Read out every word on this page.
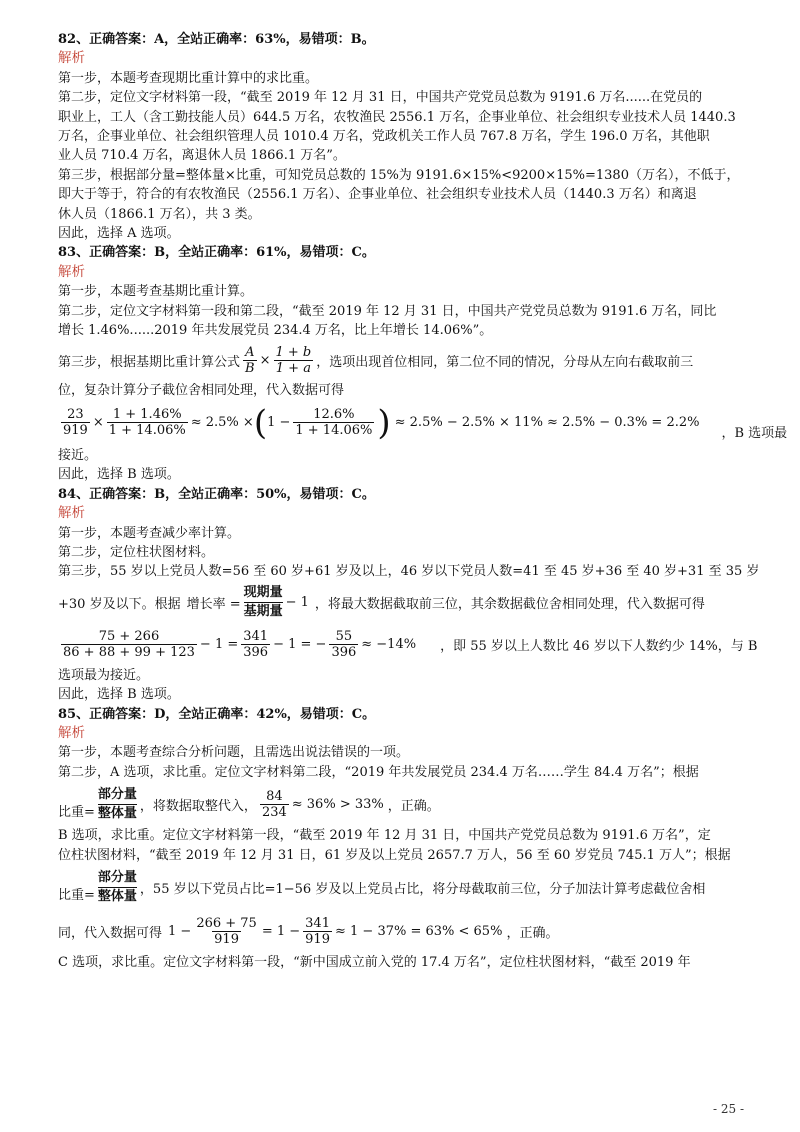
82、正确答案：A，全站正确率：63%，易错项：B。
解析
第一步，本题考查现期比重计算中的求比重。
第二步，定位文字材料第一段，“截至 2019 年 12 月 31 日，中国共产党党员总数为 9191.6 万名......在党员的
职业上，工人（含工勤技能人员）644.5 万名，农牧渔民 2556.1 万名，企事业单位、社会组织专业技术人员 1440.3
万名，企事业单位、社会组织管理人员 1010.4 万名，党政机关工作人员 767.8 万名，学生 196.0 万名，其他职
业人员 710.4 万名，离退休人员 1866.1 万名”。
第三步，根据部分量=整体量×比重，可知党员总数的 15%为 9191.6×15%<9200×15%=1380（万名），不低于，
即大于等于，符合的有农牧渔民（2556.1 万名）、企事业单位、社会组织专业技术人员（1440.3 万名）和离退
休人员（1866.1 万名），共 3 类。
因此，选择 A 选项。
83、正确答案：B，全站正确率：61%，易错项：C。
解析
第一步，本题考查基期比重计算。
第二步，定位文字材料第一段和第二段，“截至 2019 年 12 月 31 日，中国共产党党员总数为 9191.6 万名，同比
增长 1.46%......2019 年共发展党员 234.4 万名，比上年增长 14.06%”。
第三步，根据基期比重计算公式 $\frac{A}{B} \times \frac{1 + b}{1 + a}$ ，选项出现首位相同，第二位不同的情况，分母从左向右截取前三
位，复杂计算分子截位舍相同处理，代入数据可得
$\frac{23}{919} \times \frac{1 + 1.46\%}{1 + 14.06\%} \approx 2.5\%$ × ( $1 - \frac{12.6\%}{1 + 14.06\%}$ ) ≈ 2.5% − 2.5% × 11% ≈ 2.5% − 0.3% = 2.2%
，B 选项最
接近。
因此，选择 B 选项。
84、正确答案：B，全站正确率：50%，易错项：C。
解析
第一步，本题考查减少率计算。
第二步，定位柱状图材料。
第三步，55 岁以上党员人数=56 至 60 岁+61 岁及以上，46 岁以下党员人数=41 至 45 岁+36 至 40 岁+31 至 35 岁
+30 岁及以下。根据 增长率 = $\frac{\text{现期量}}{\text{基期量}} - 1$ ，将最大数据截取前三位，其余数据截位舍相同处理，代入数据可得
$\frac{75 + 266}{86 + 88 + 99 + 123} - 1 = \frac{341}{396} - 1$ = − $\frac{55}{396} \approx -14\%$ ，即 55 岁以上人数比 46 岁以下人数约少 14%，与 B
选项最为接近。
因此，选择 B 选项。
85、正确答案：D，全站正确率：42%，易错项：C。
解析
第一步，本题考查综合分析问题，且需选出说法错误的一项。
第二步，A 选项，求比重。定位文字材料第二段，“2019 年共发展党员 234.4 万名……学生 84.4 万名”；根据
比重= $\frac{\text{部分量}}{\text{整体量}}$ ，将数据取整代入， $\frac{84}{234} \approx 36\% > 33\%$ ，正确。
B 选项，求比重。定位文字材料第一段，“截至 2019 年 12 月 31 日，中国共产党党员总数为 9191.6 万名”，定
位柱状图材料，“截至 2019 年 12 月 31 日，61 岁及以上党员 2657.7 万人，56 至 60 岁党员 745.1 万人”；根据
比重= $\frac{\text{部分量}}{\text{整体量}}$ ，55 岁以下党员占比=1−56 岁及以上党员占比，将分母截取前三位，分子加法计算考虑截位舍相
同，代入数据可得 $1 - \frac{266 + 75}{919} = 1 - \frac{341}{919} \approx 1 - 37\% = 63\% < 65\%$ ，正确。
C 选项，求比重。定位文字材料第一段，“新中国成立前入党的 17.4 万名”，定位柱状图材料，“截至 2019 年
- 25 -
